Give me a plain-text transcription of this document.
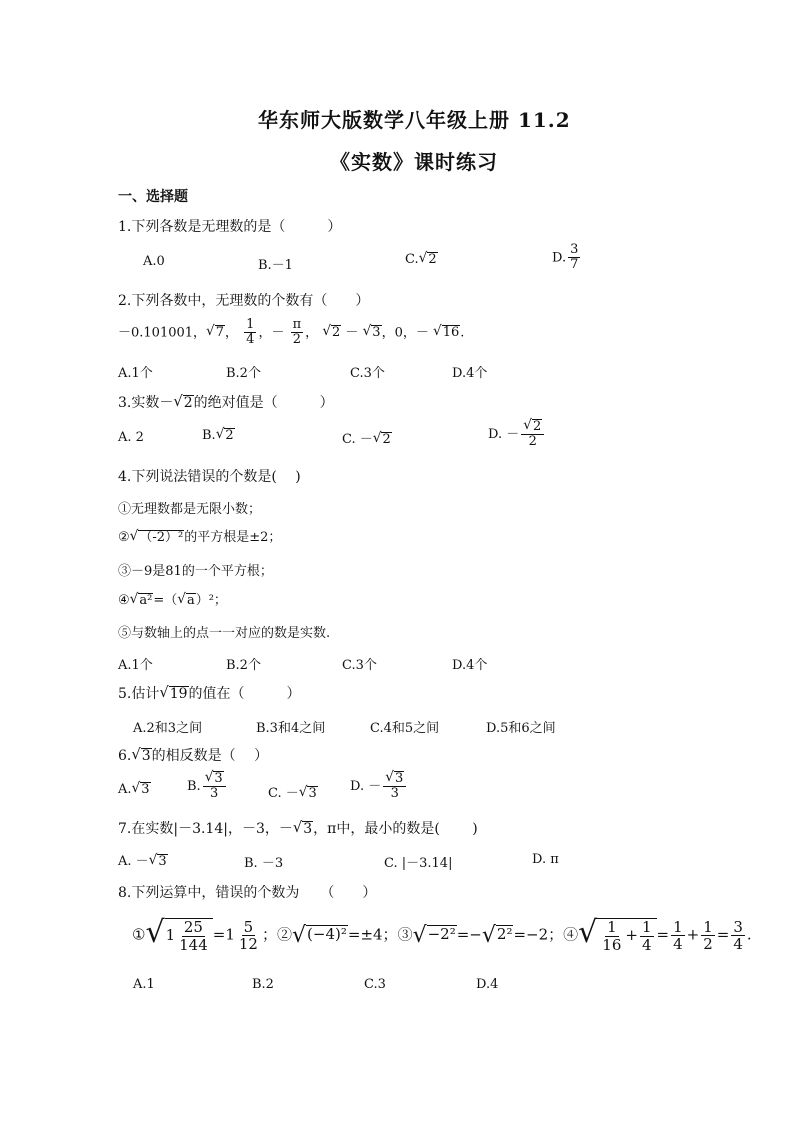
华东师大版数学八年级上册 11.2
《实数》课时练习
一、选择题
1.下列各数是无理数的是（　　　）
A.0	B.－1	C. √ 2	D. $\frac{3}{7}$
2.下列各数中，无理数的个数有（　　）
－0.101001， √ 7 ， $\frac{1}{4}$ ，－ $\frac{\pi}{2}$ ， √ 2 － √ 3 ，0，－ √ 16 .
A.1个	B.2个	C.3个	D.4个
3.实数－ √ 2 的绝对值是（　　　）
A. 2	B. √ 2	C. － √ 2	D. － $\frac{√ 2}{2}$
4.下列说法错误的个数是(　 )
①无理数都是无限小数；
② √ （-2）² 的平方根是±2；
③－9是81的一个平方根；
④ √ a² =（ √ a ）²；
⑤与数轴上的点一一对应的数是实数.
A.1个	B.2个	C.3个	D.4个
5.估计 √ 19 的值在（　　　）
A.2和3之间	B.3和4之间	C.4和5之间	D.5和6之间
6. √ 3 的相反数是（　 ）
A. √ 3	B. $\frac{√ 3}{3}$	C. － √ 3	D. － $\frac{√ 3}{3}$
7.在实数|－3.14|，－3，－ √ 3 ，π中，最小的数是(　　 )
A. － √ 3	B. －3	C. |－3.14|	D. π
8.下列运算中，错误的个数为　　（　　）
① √ $1 \frac{25}{144} =1 \frac{5}{12}$ ；② √ (−4)² =±4；③ √ −2² =− √ 2² =−2；④ √ $\frac{1}{16} + \frac{1}{4} = \frac{1}{4} + \frac{1}{2} = \frac{3}{4}$ .
A.1	B.2	C.3	D.4
